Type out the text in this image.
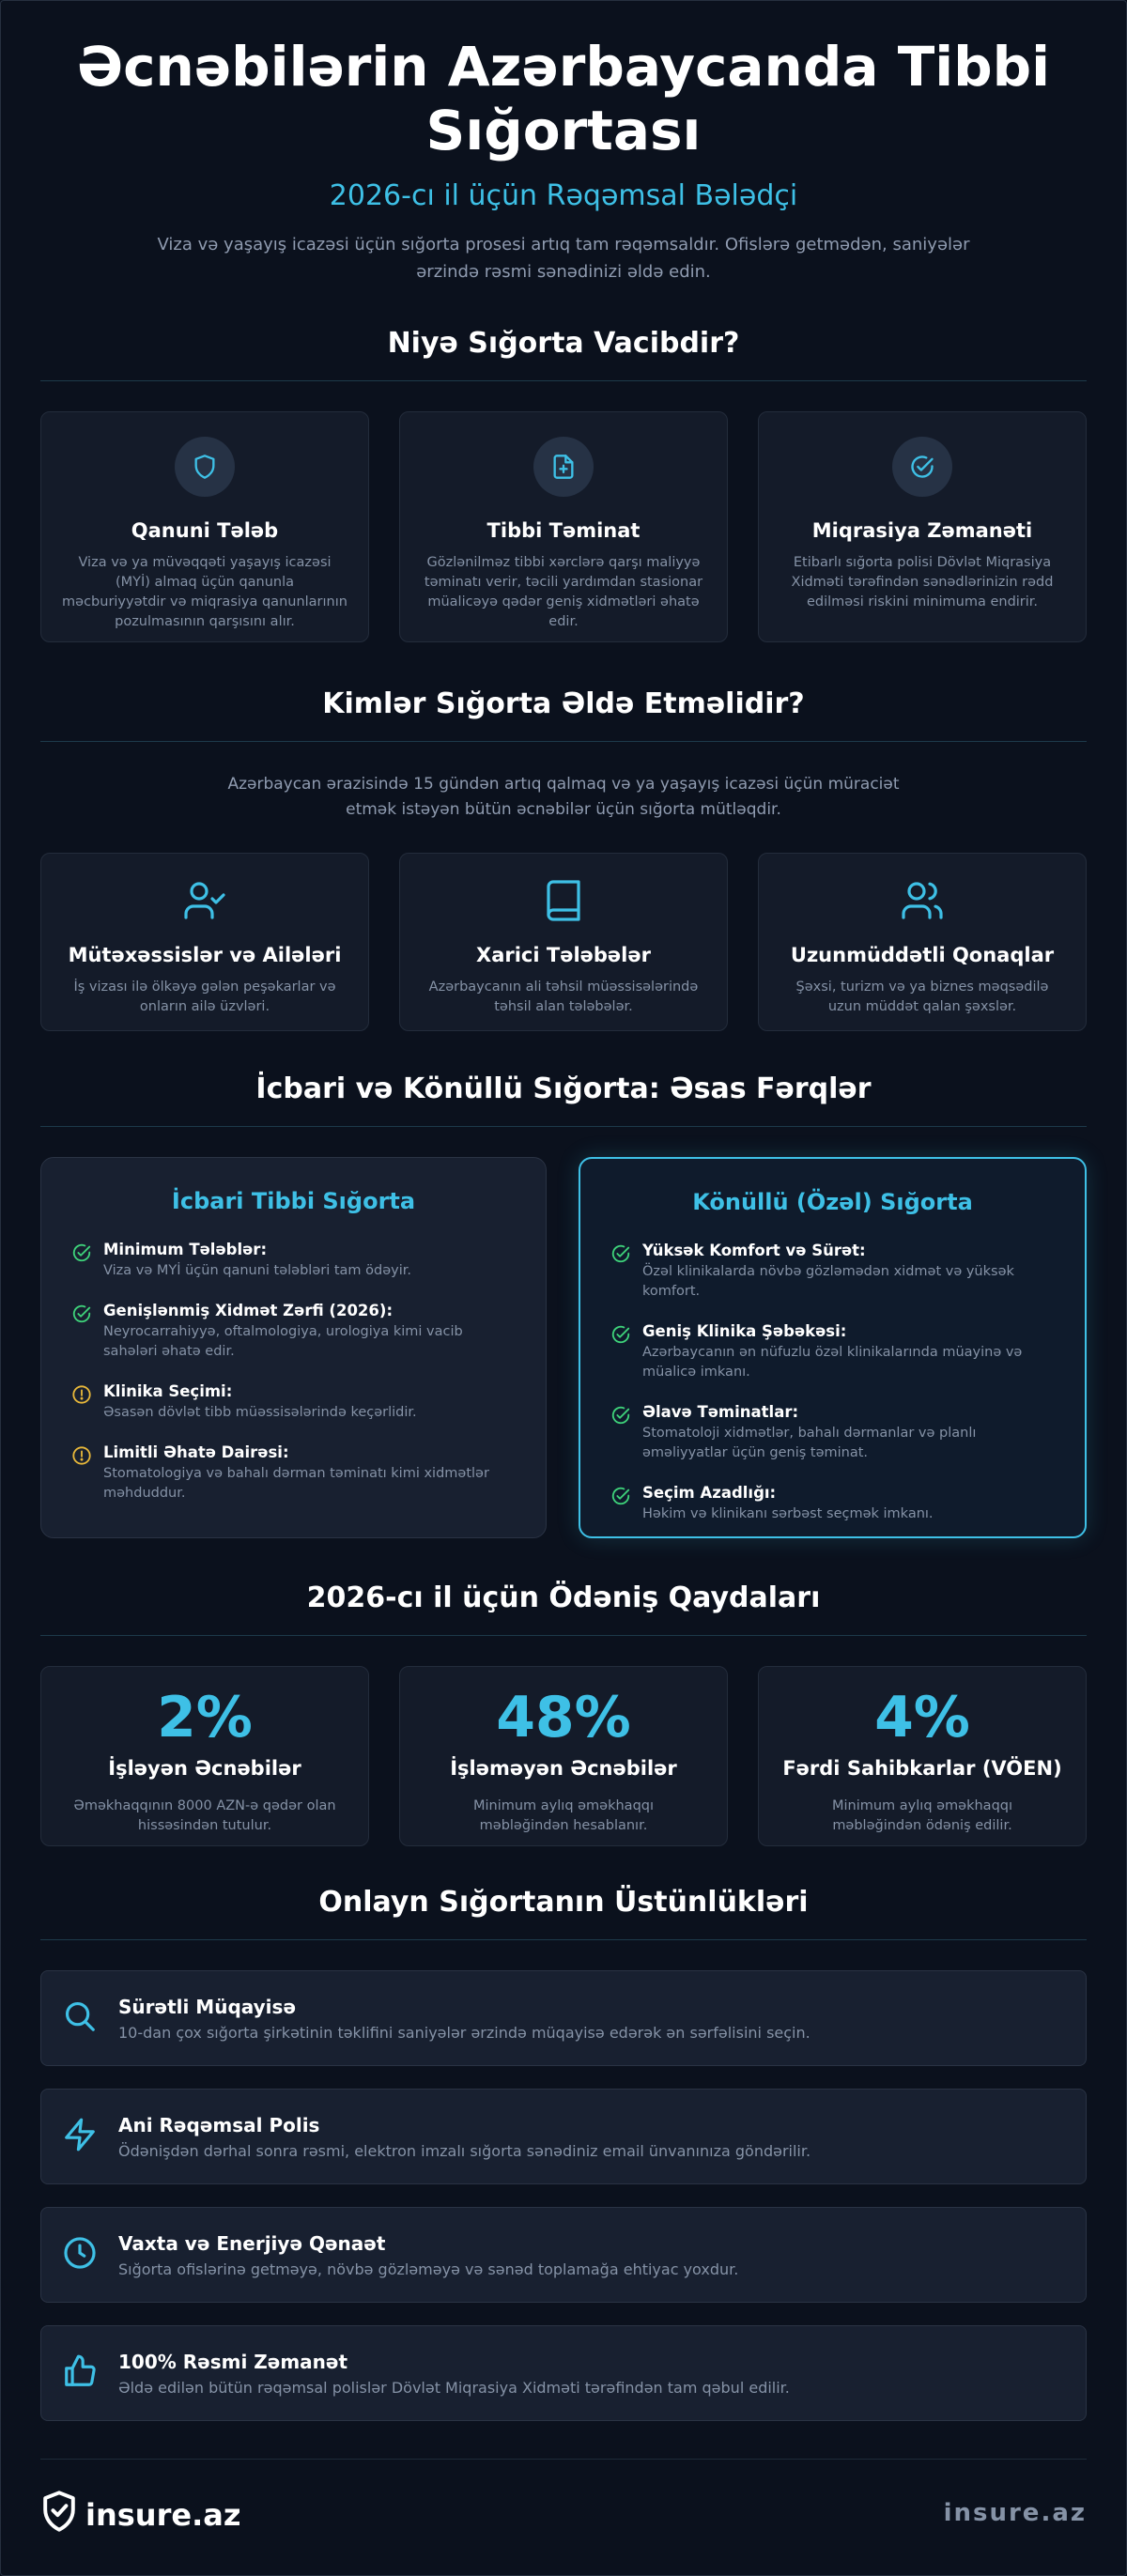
Əcnəbilərin Azərbaycanda Tibbi Sığortası
2026-cı il üçün Rəqəmsal Bələdçi
Viza və yaşayış icazəsi üçün sığorta prosesi artıq tam rəqəmsaldır. Ofislərə getmədən, saniyələr ərzində rəsmi sənədinizi əldə edin.
Niyə Sığorta Vacibdir?
Qanuni Tələb

Viza və ya müvəqqəti yaşayış icazəsi (MYİ) almaq üçün qanunla məcburiyyətdir və miqrasiya qanunlarının pozulmasının qarşısını alır.

Tibbi Təminat

Gözlənilməz tibbi xərclərə qarşı maliyyə təminatı verir, təcili yardımdan stasionar müalicəyə qədər geniş xidmətləri əhatə edir.

Miqrasiya Zəmanəti

Etibarlı sığorta polisi Dövlət Miqrasiya Xidməti tərəfindən sənədlərinizin rədd edilməsi riskini minimuma endirir.

Kimlər Sığorta Əldə Etməlidir?
Azərbaycan ərazisində 15 gündən artıq qalmaq və ya yaşayış icazəsi üçün müraciət etmək istəyən bütün əcnəbilər üçün sığorta mütləqdir.
Mütəxəssislər və Ailələri

İş vizası ilə ölkəyə gələn peşəkarlar və onların ailə üzvləri.

Xarici Tələbələr

Azərbaycanın ali təhsil müəssisələrində təhsil alan tələbələr.

Uzunmüddətli Qonaqlar

Şəxsi, turizm və ya biznes məqsədilə uzun müddət qalan şəxslər.

İcbari və Könüllü Sığorta: Əsas Fərqlər
İcbari Tibbi Sığorta
Minimum Tələblər:
Viza və MYİ üçün qanuni tələbləri tam ödəyir.
Genişlənmiş Xidmət Zərfi (2026):
Neyrocarrahiyyə, oftalmologiya, urologiya kimi vacib sahələri əhatə edir.
Klinika Seçimi:
Əsasən dövlət tibb müəssisələrində keçərlidir.
Limitli Əhatə Dairəsi:
Stomatologiya və bahalı dərman təminatı kimi xidmətlər məhduddur.
Könüllü (Özəl) Sığorta
Yüksək Komfort və Sürət:
Özəl klinikalarda növbə gözləmədən xidmət və yüksək komfort.
Geniş Klinika Şəbəkəsi:
Azərbaycanın ən nüfuzlu özəl klinikalarında müayinə və müalicə imkanı.
Əlavə Təminatlar:
Stomatoloji xidmətlər, bahalı dərmanlar və planlı əməliyyatlar üçün geniş təminat.
Seçim Azadlığı:
Həkim və klinikanı sərbəst seçmək imkanı.
2026-cı il üçün Ödəniş Qaydaları
2%
İşləyən Əcnəbilər

Əməkhaqqının 8000 AZN-ə qədər olan hissəsindən tutulur.

48%
İşləməyən Əcnəbilər

Minimum aylıq əməkhaqqı məbləğindən hesablanır.

4%
Fərdi Sahibkarlar (VÖEN)

Minimum aylıq əməkhaqqı məbləğindən ödəniş edilir.

Onlayn Sığortanın Üstünlükləri
Sürətli Müqayisə
10-dan çox sığorta şirkətinin təklifini saniyələr ərzində müqayisə edərək ən sərfəlisini seçin.
Ani Rəqəmsal Polis
Ödənişdən dərhal sonra rəsmi, elektron imzalı sığorta sənədiniz email ünvanınıza göndərilir.
Vaxta və Enerjiyə Qənaət
Sığorta ofislərinə getməyə, növbə gözləməyə və sənəd toplamağa ehtiyac yoxdur.
100% Rəsmi Zəmanət
Əldə edilən bütün rəqəmsal polislər Dövlət Miqrasiya Xidməti tərəfindən tam qəbul edilir.
insure.az	insure.az
